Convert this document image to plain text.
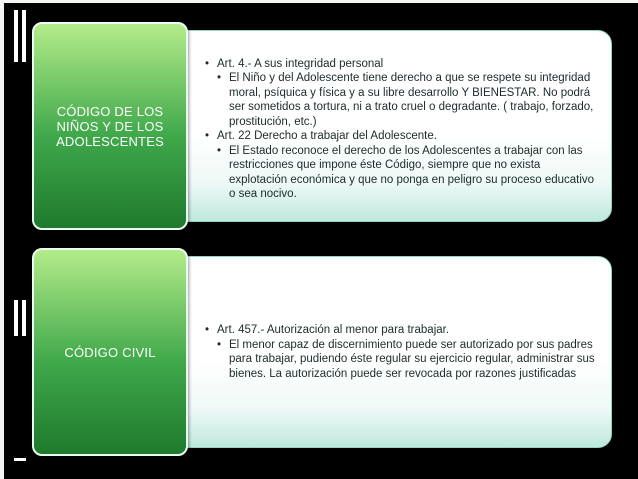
• Art. 4.- A sus integridad personal

• El Niño y del Adolescente tiene derecho a que se respete su integridad moral, psíquica y física y a su libre desarrollo Y BIENESTAR. No podrá ser sometidos a tortura, ni a trato cruel o degradante. ( trabajo, forzado, prostitución, etc.)

• Art. 22 Derecho a trabajar del Adolescente.

• El Estado reconoce el derecho de los Adolescentes a trabajar con las restricciones que impone éste Código, siempre que no exista explotación económica y que no ponga en peligro su proceso educativo o sea nocivo.

CÓDIGO DE LOS NIÑOS Y DE LOS ADOLESCENTES

• Art. 457.- Autorización al menor para trabajar.

• El menor capaz de discernimiento puede ser autorizado por sus padres para trabajar, pudiendo éste regular su ejercicio regular, administrar sus bienes. La autorización puede ser revocada por razones justificadas

CÓDIGO CIVIL
